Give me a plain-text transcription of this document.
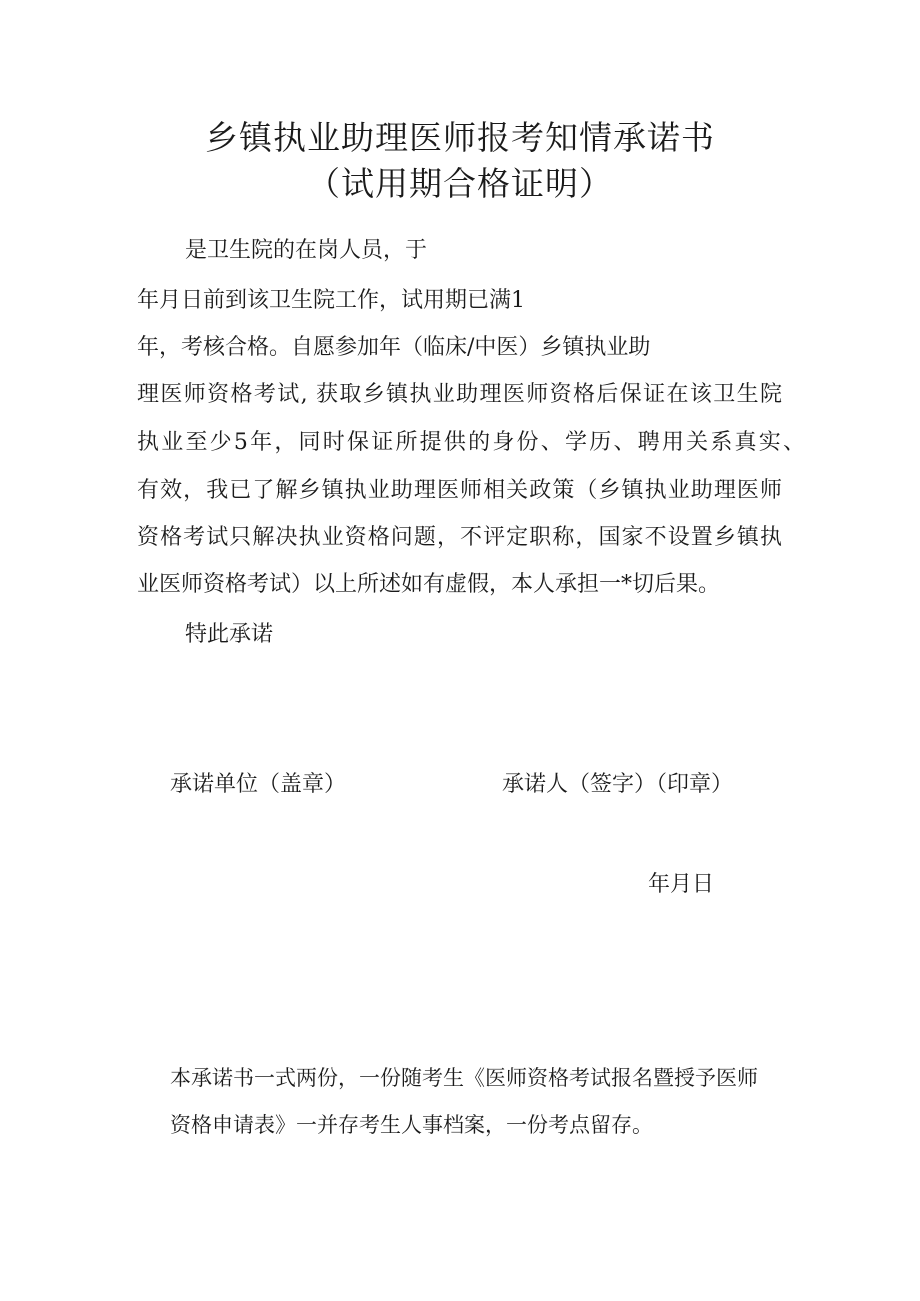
乡镇执业助理医师报考知情承诺书
（试用期合格证明）
是卫生院的在岗人员，于
年月日前到该卫生院工作，试用期已满1
年，考核合格。自愿参加年（临床/中医）乡镇执业助
理医师资格考试, 获取乡镇执业助理医师资格后保证在该卫生院
执业至少5年，同时保证所提供的身份、学历、聘用关系真实、
有效，我已了解乡镇执业助理医师相关政策（乡镇执业助理医师
资格考试只解决执业资格问题，不评定职称，国家不设置乡镇执
业医师资格考试）以上所述如有虚假，本人承担一*切后果。
特此承诺
承诺单位（盖章）	承诺人（签字）（印章）
年月日
本承诺书一式两份，一份随考生《医师资格考试报名暨授予医师
资格申请表》一并存考生人事档案，一份考点留存。
